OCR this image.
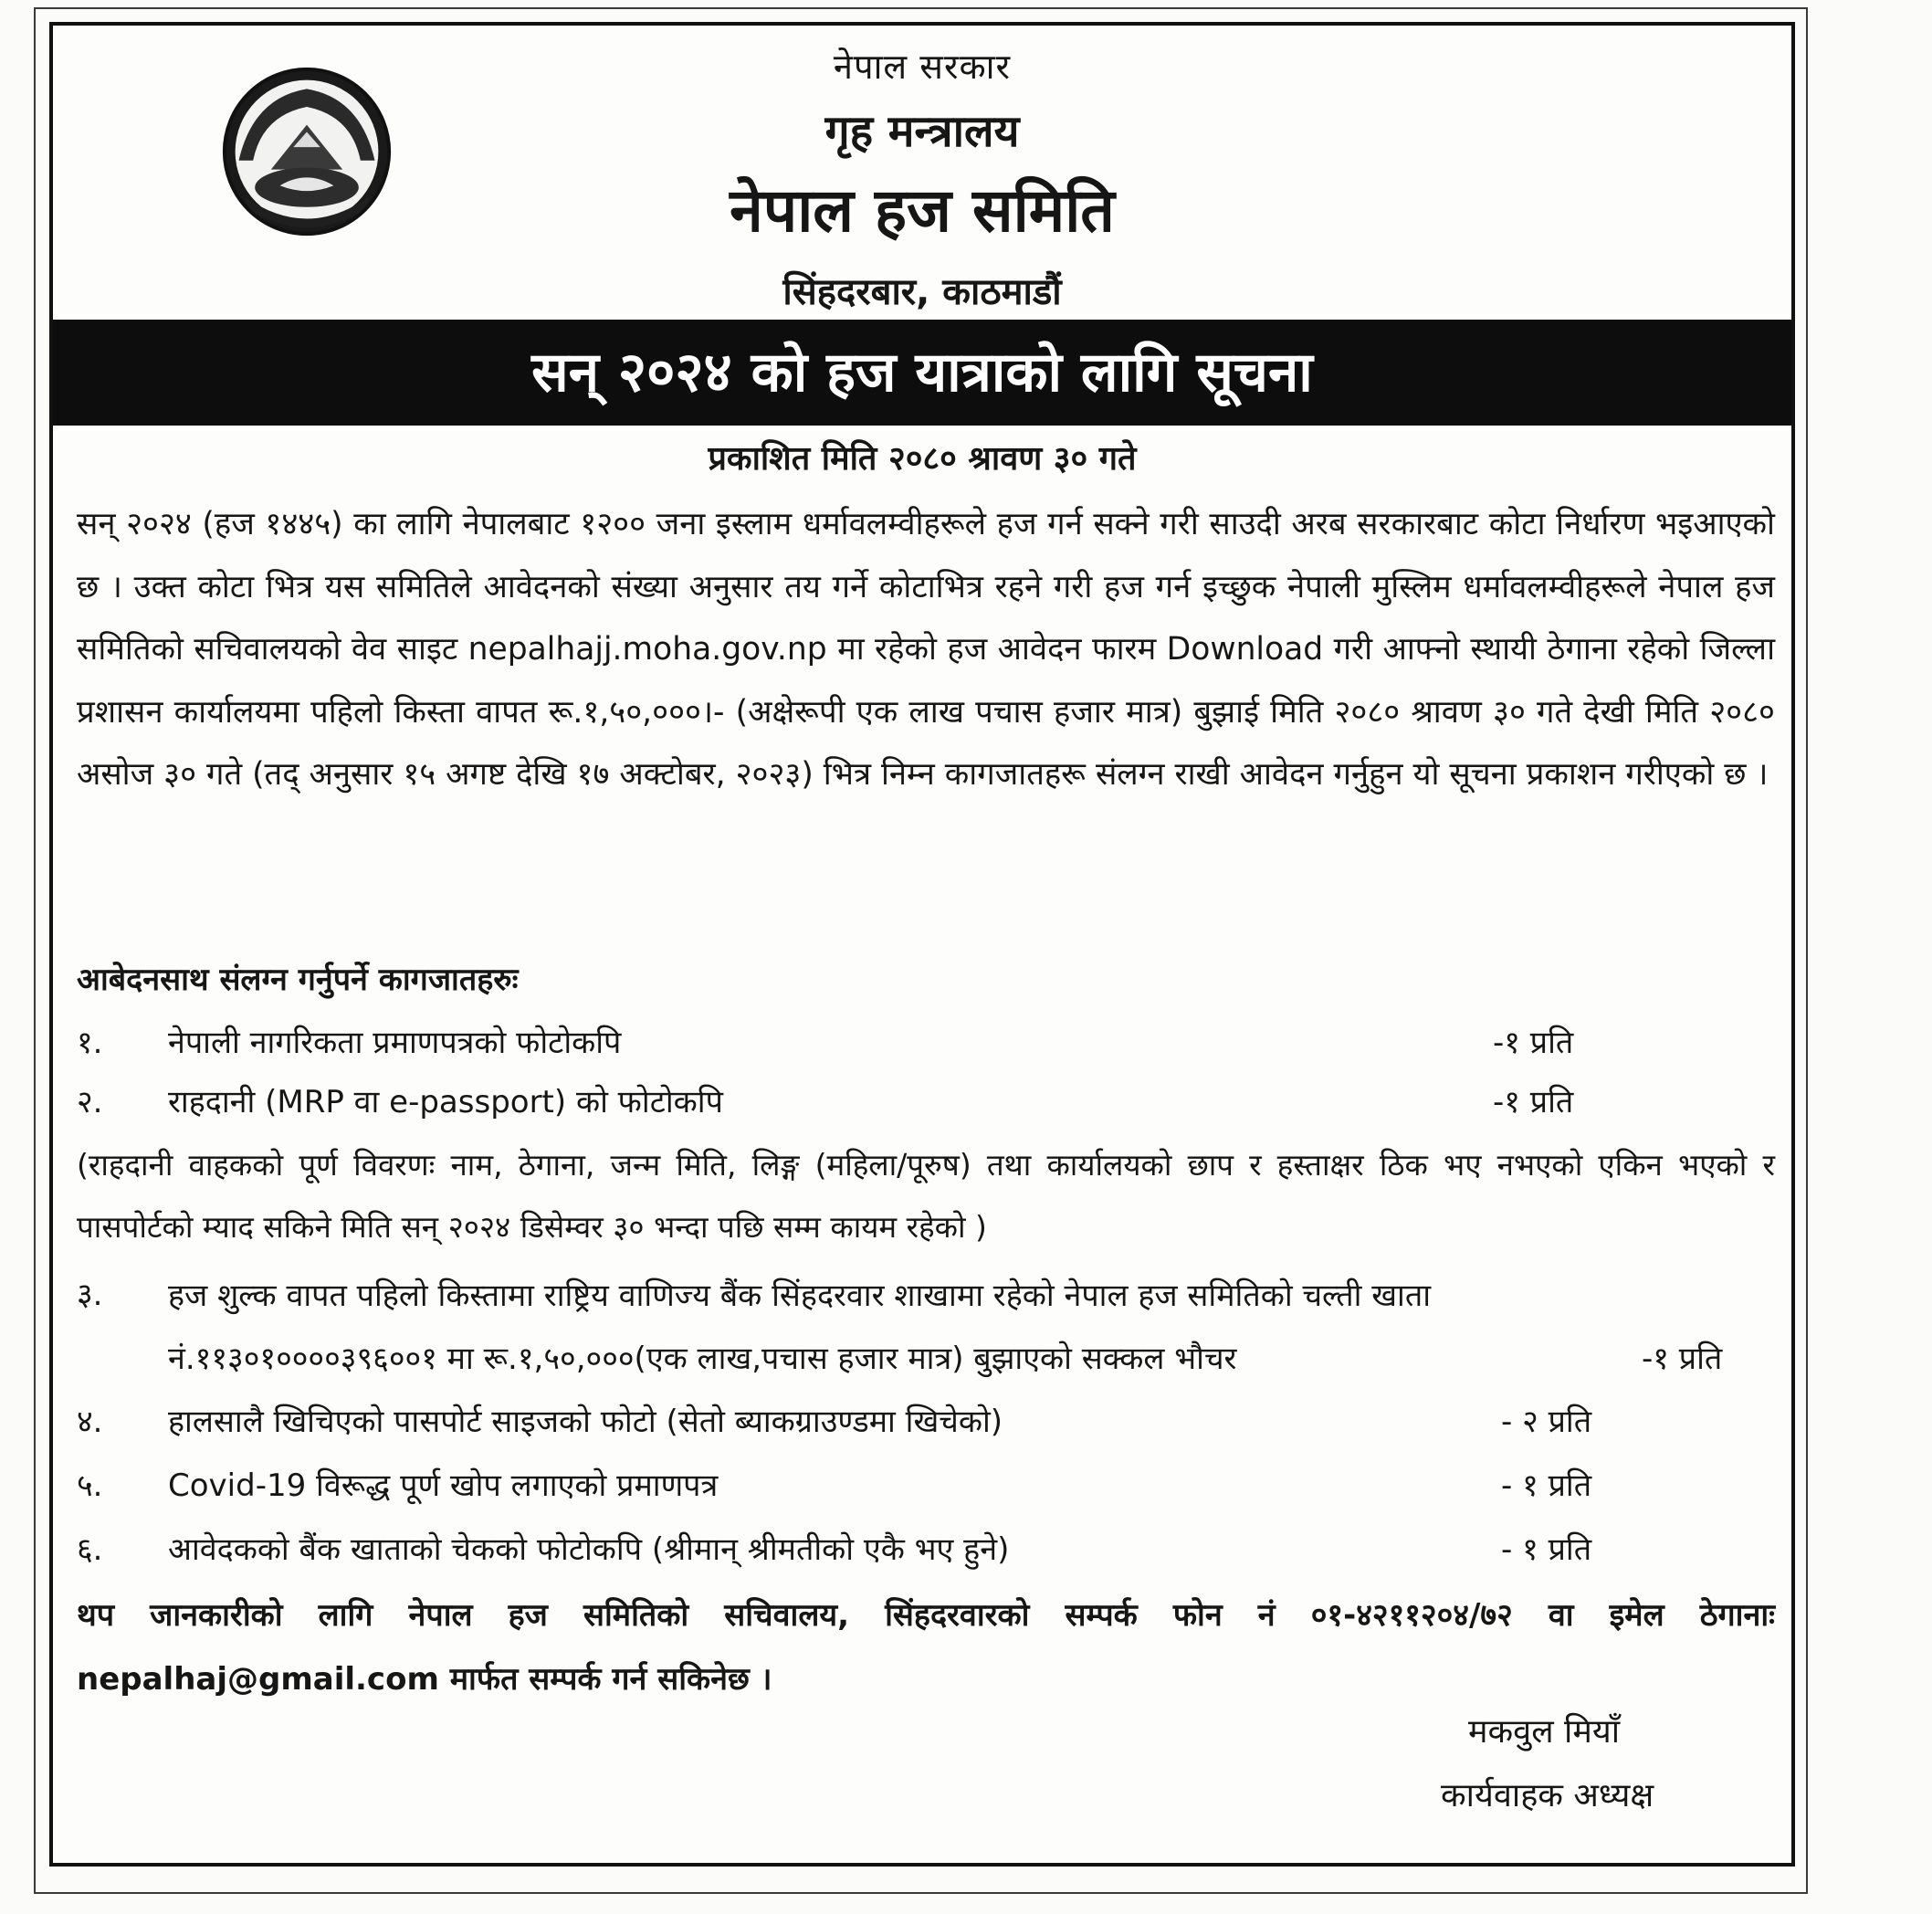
नेपाल सरकार
गृह मन्त्रालय
नेपाल हज समिति
सिंहदरबार, काठमाडौं
सन् २०२४ को हज यात्राको लागि सूचना
प्रकाशित मिति २०८० श्रावण ३० गते
सन् २०२४ (हज १४४५) का लागि नेपालबाट १२०० जना इस्लाम धर्मावलम्वीहरूले हज गर्न सक्ने गरी साउदी अरब सरकारबाट कोटा निर्धारण भइआएको छ । उक्त कोटा भित्र यस समितिले आवेदनको संख्या अनुसार तय गर्ने कोटाभित्र रहने गरी हज गर्न इच्छुक नेपाली मुस्लिम धर्मावलम्वीहरूले नेपाल हज समितिको सचिवालयको वेव साइट nepalhajj.moha.gov.np मा रहेको हज आवेदन फारम Download गरी आफ्नो स्थायी ठेगाना रहेको जिल्ला प्रशासन कार्यालयमा पहिलो किस्ता वापत रू.१,५०,०००।- (अक्षेरूपी एक लाख पचास हजार मात्र) बुझाई मिति २०८० श्रावण ३० गते देखी मिति २०८० असोज ३० गते (तद् अनुसार १५ अगष्ट देखि १७ अक्टोबर, २०२३) भित्र निम्न कागजातहरू संलग्न राखी आवेदन गर्नुहुन यो सूचना प्रकाशन गरीएको छ ।
आबेदनसाथ संलग्न गर्नुपर्ने कागजातहरुः
१. नेपाली नागरिकता प्रमाणपत्रको फोटोकपि	-१ प्रति
२. राहदानी (MRP वा e-passport) को फोटोकपि	-१ प्रति
(राहदानी वाहकको पूर्ण विवरणः नाम, ठेगाना, जन्म मिति, लिङ्ग (महिला/पूरुष) तथा कार्यालयको छाप र हस्ताक्षर ठिक भए नभएको एकिन भएको र पासपोर्टको म्याद सकिने मिति सन् २०२४ डिसेम्वर ३० भन्दा पछि सम्म कायम रहेको )
३. हज शुल्क वापत पहिलो किस्तामा राष्ट्रिय वाणिज्य बैंक सिंहदरवार शाखामा रहेको नेपाल हज समितिको चल्ती खाता
नं.११३०१००००३९६००१ मा रू.१,५०,०००(एक लाख,पचास हजार मात्र) बुझाएको सक्कल भौचर	-१ प्रति
४. हालसालै खिचिएको पासपोर्ट साइजको फोटो (सेतो ब्याकग्राउण्डमा खिचेको)	- २ प्रति
५. Covid-19 विरूद्ध पूर्ण खोप लगाएको प्रमाणपत्र	- १ प्रति
६. आवेदकको बैंक खाताको चेकको फोटोकपि (श्रीमान् श्रीमतीको एकै भए हुने)	- १ प्रति
थप जानकारीको लागि नेपाल हज समितिको सचिवालय, सिंहदरवारको सम्पर्क फोन नं ०१-४२११२०४/७२ वा इमेल ठेगानाः nepalhaj@gmail.com मार्फत सम्पर्क गर्न सकिनेछ ।
मकवुल मियाँ
कार्यवाहक अध्यक्ष
